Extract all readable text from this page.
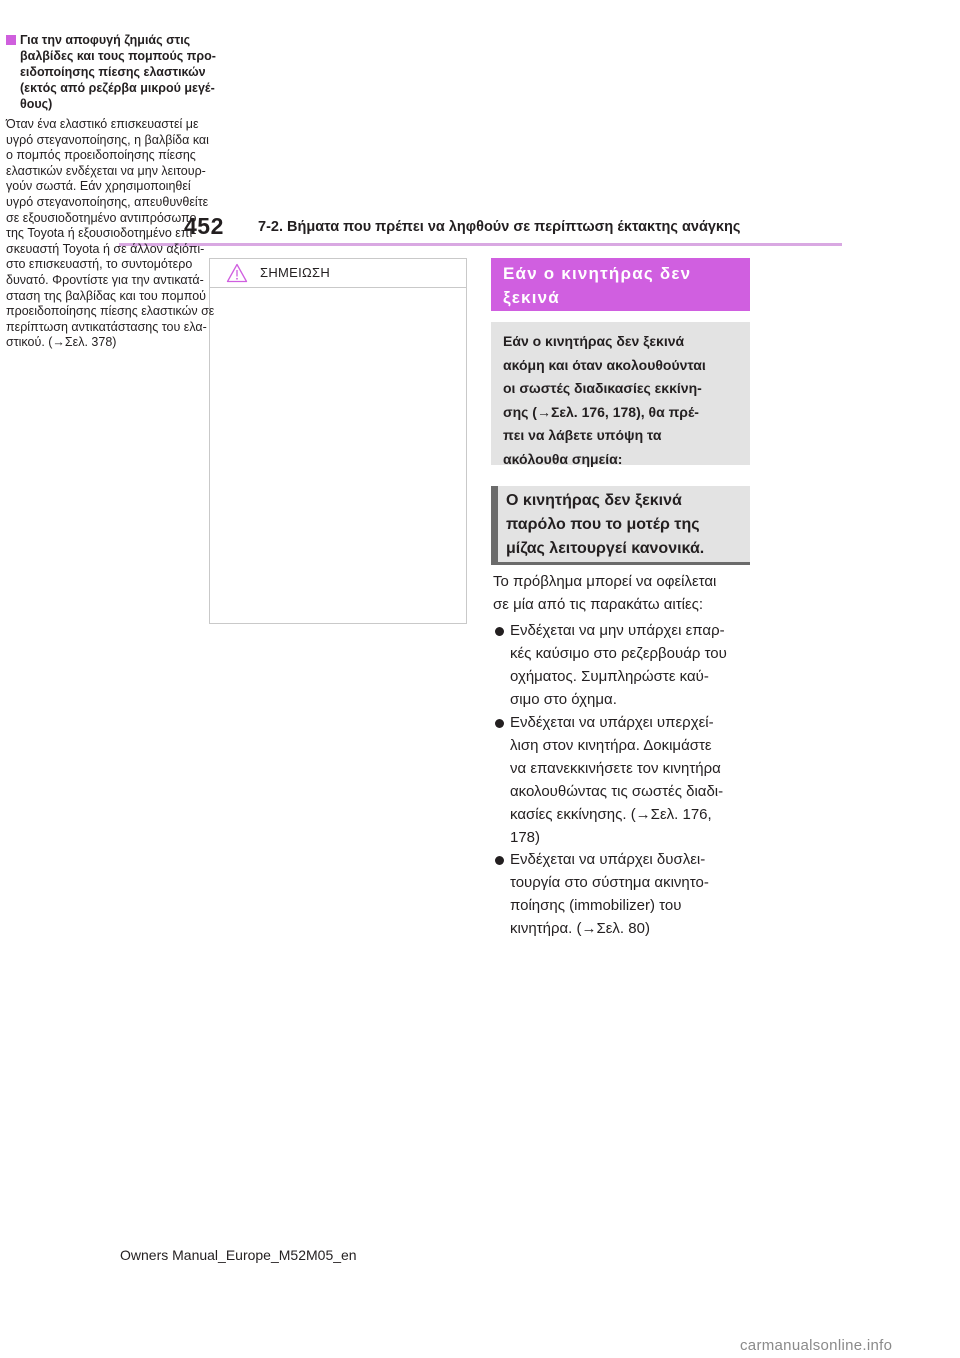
452 7-2. Βήματα που πρέπει να ληφθούν σε περίπτωση έκτακτης ανάγκης
ΣΗΜΕΙΩΣΗ
Για την αποφυγή ζημιάς στις
βαλβίδες και τους πομπούς προ-
ειδοποίησης πίεσης ελαστικών
(εκτός από ρεζέρβα μικρού μεγέ-
θους)
Όταν ένα ελαστικό επισκευαστεί με
υγρό στεγανοποίησης, η βαλβίδα και
ο πομπός προειδοποίησης πίεσης
ελαστικών ενδέχεται να μην λειτουρ-
γούν σωστά. Εάν χρησιμοποιηθεί
υγρό στεγανοποίησης, απευθυνθείτε
σε εξουσιοδοτημένο αντιπρόσωπο
της Toyota ή εξουσιοδοτημένο επι-
σκευαστή Toyota ή σε άλλον αξιόπι-
στο επισκευαστή, το συντομότερο
δυνατό. Φροντίστε για την αντικατά-
σταση της βαλβίδας και του πομπού
προειδοποίησης πίεσης ελαστικών σε
περίπτωση αντικατάστασης του ελα-
στικού. (→Σελ. 378)
Εάν ο κινητήρας δεν
ξεκινά
Εάν ο κινητήρας δεν ξεκινά
ακόμη και όταν ακολουθούνται
οι σωστές διαδικασίες εκκίνη-
σης (→Σελ. 176, 178), θα πρέ-
πει να λάβετε υπόψη τα
ακόλουθα σημεία:
Ο κινητήρας δεν ξεκινά
παρόλο που το μοτέρ της
μίζας λειτουργεί κανονικά.
Το πρόβλημα μπορεί να οφείλεται
σε μία από τις παρακάτω αιτίες:
Ενδέχεται να μην υπάρχει επαρ-
κές καύσιμο στο ρεζερβουάρ του
οχήματος. Συμπληρώστε καύ-
σιμο στο όχημα.
Ενδέχεται να υπάρχει υπερχεί-
λιση στον κινητήρα. Δοκιμάστε
να επανεκκινήσετε τον κινητήρα
ακολουθώντας τις σωστές διαδι-
κασίες εκκίνησης. (→Σελ. 176,
178)
Ενδέχεται να υπάρχει δυσλει-
τουργία στο σύστημα ακινητο-
ποίησης (immobilizer) του
κινητήρα. (→Σελ. 80)
Owners Manual_Europe_M52M05_en
carmanualsonline.info
